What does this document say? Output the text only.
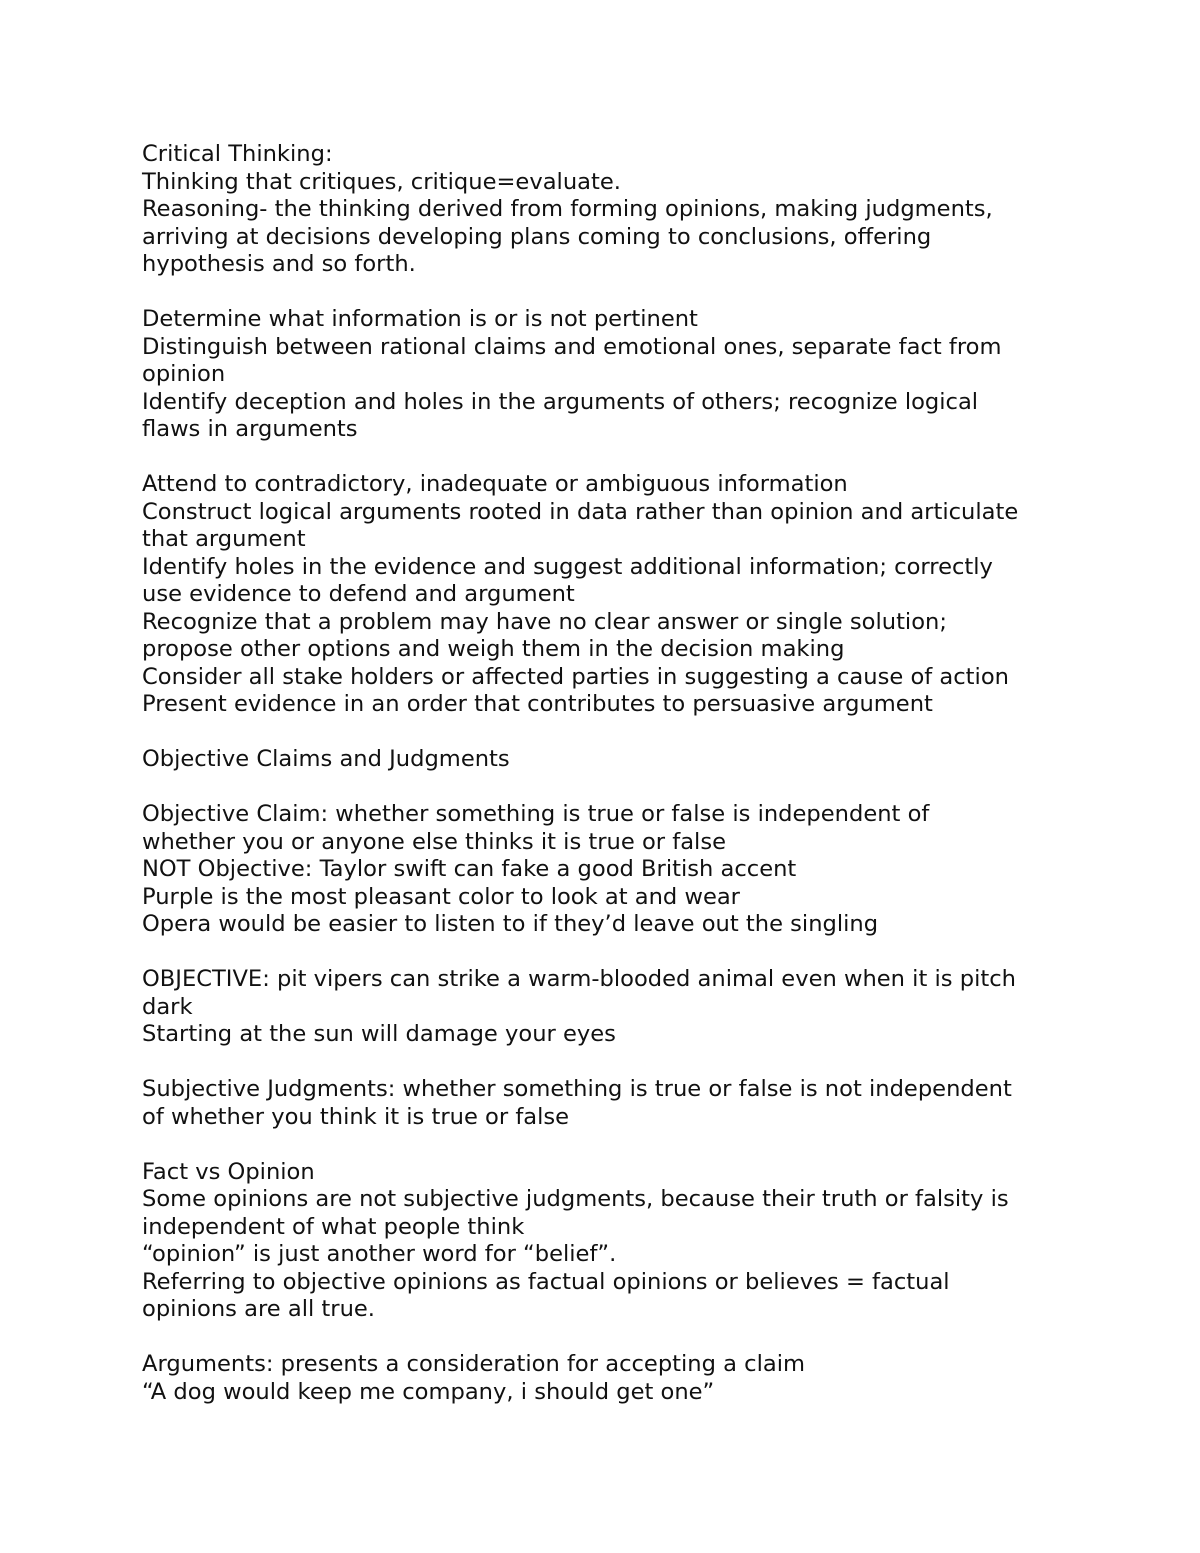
Critical Thinking:
Thinking that critiques, critique=evaluate.
Reasoning- the thinking derived from forming opinions, making judgments,
arriving at decisions developing plans coming to conclusions, offering
hypothesis and so forth.
Determine what information is or is not pertinent
Distinguish between rational claims and emotional ones, separate fact from
opinion
Identify deception and holes in the arguments of others; recognize logical
flaws in arguments
Attend to contradictory, inadequate or ambiguous information
Construct logical arguments rooted in data rather than opinion and articulate
that argument
Identify holes in the evidence and suggest additional information; correctly
use evidence to defend and argument
Recognize that a problem may have no clear answer or single solution;
propose other options and weigh them in the decision making
Consider all stake holders or affected parties in suggesting a cause of action
Present evidence in an order that contributes to persuasive argument
Objective Claims and Judgments
Objective Claim: whether something is true or false is independent of
whether you or anyone else thinks it is true or false
NOT Objective: Taylor swift can fake a good British accent
Purple is the most pleasant color to look at and wear
Opera would be easier to listen to if they’d leave out the singling
OBJECTIVE: pit vipers can strike a warm-blooded animal even when it is pitch
dark
Starting at the sun will damage your eyes
Subjective Judgments: whether something is true or false is not independent
of whether you think it is true or false
Fact vs Opinion
Some opinions are not subjective judgments, because their truth or falsity is
independent of what people think
“opinion” is just another word for “belief”.
Referring to objective opinions as factual opinions or believes = factual
opinions are all true.
Arguments: presents a consideration for accepting a claim
“A dog would keep me company, i should get one”
